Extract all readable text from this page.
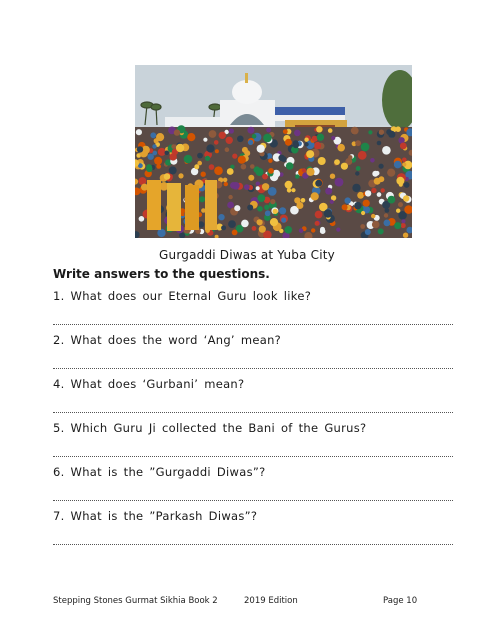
Gurgaddi Diwas at Yuba City
Write answers to the questions.
1. What does our Eternal Guru look like?
2. What does the word ‘Ang’ mean?
4. What does ‘Gurbani’ mean?
5. Which Guru Ji collected the Bani of the Gurus?
6. What is the ”Gurgaddi Diwas”?
7. What is the ”Parkash Diwas”?
Stepping Stones Gurmat Sikhia Book 2	2019 Edition	Page 10
